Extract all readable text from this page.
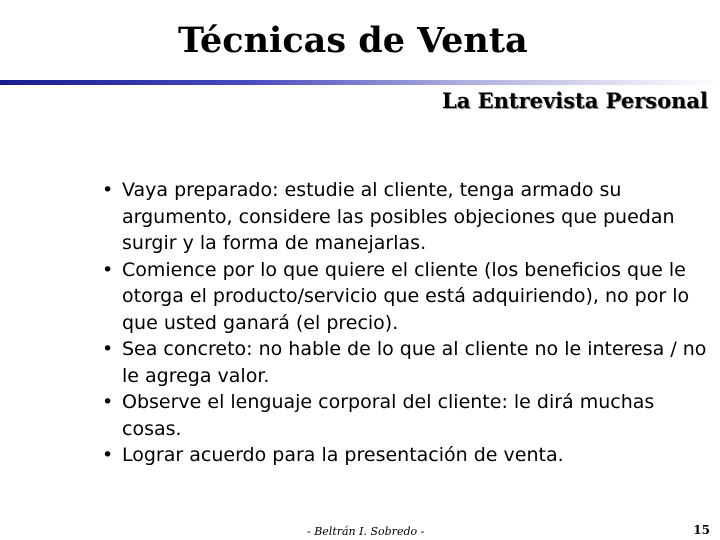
Técnicas de Venta
La Entrevista Personal
• Vaya preparado: estudie al cliente, tenga armado su argumento, considere las posibles objeciones que puedan surgir y la forma de manejarlas.
• Comience por lo que quiere el cliente (los beneficios que le otorga el producto/servicio que está adquiriendo), no por lo que usted ganará (el precio).
• Sea concreto: no hable de lo que al cliente no le interesa / no le agrega valor.
• Observe el lenguaje corporal del cliente: le dirá muchas cosas.
• Lograr acuerdo para la presentación de venta.
- Beltrán I. Sobredo -	15
